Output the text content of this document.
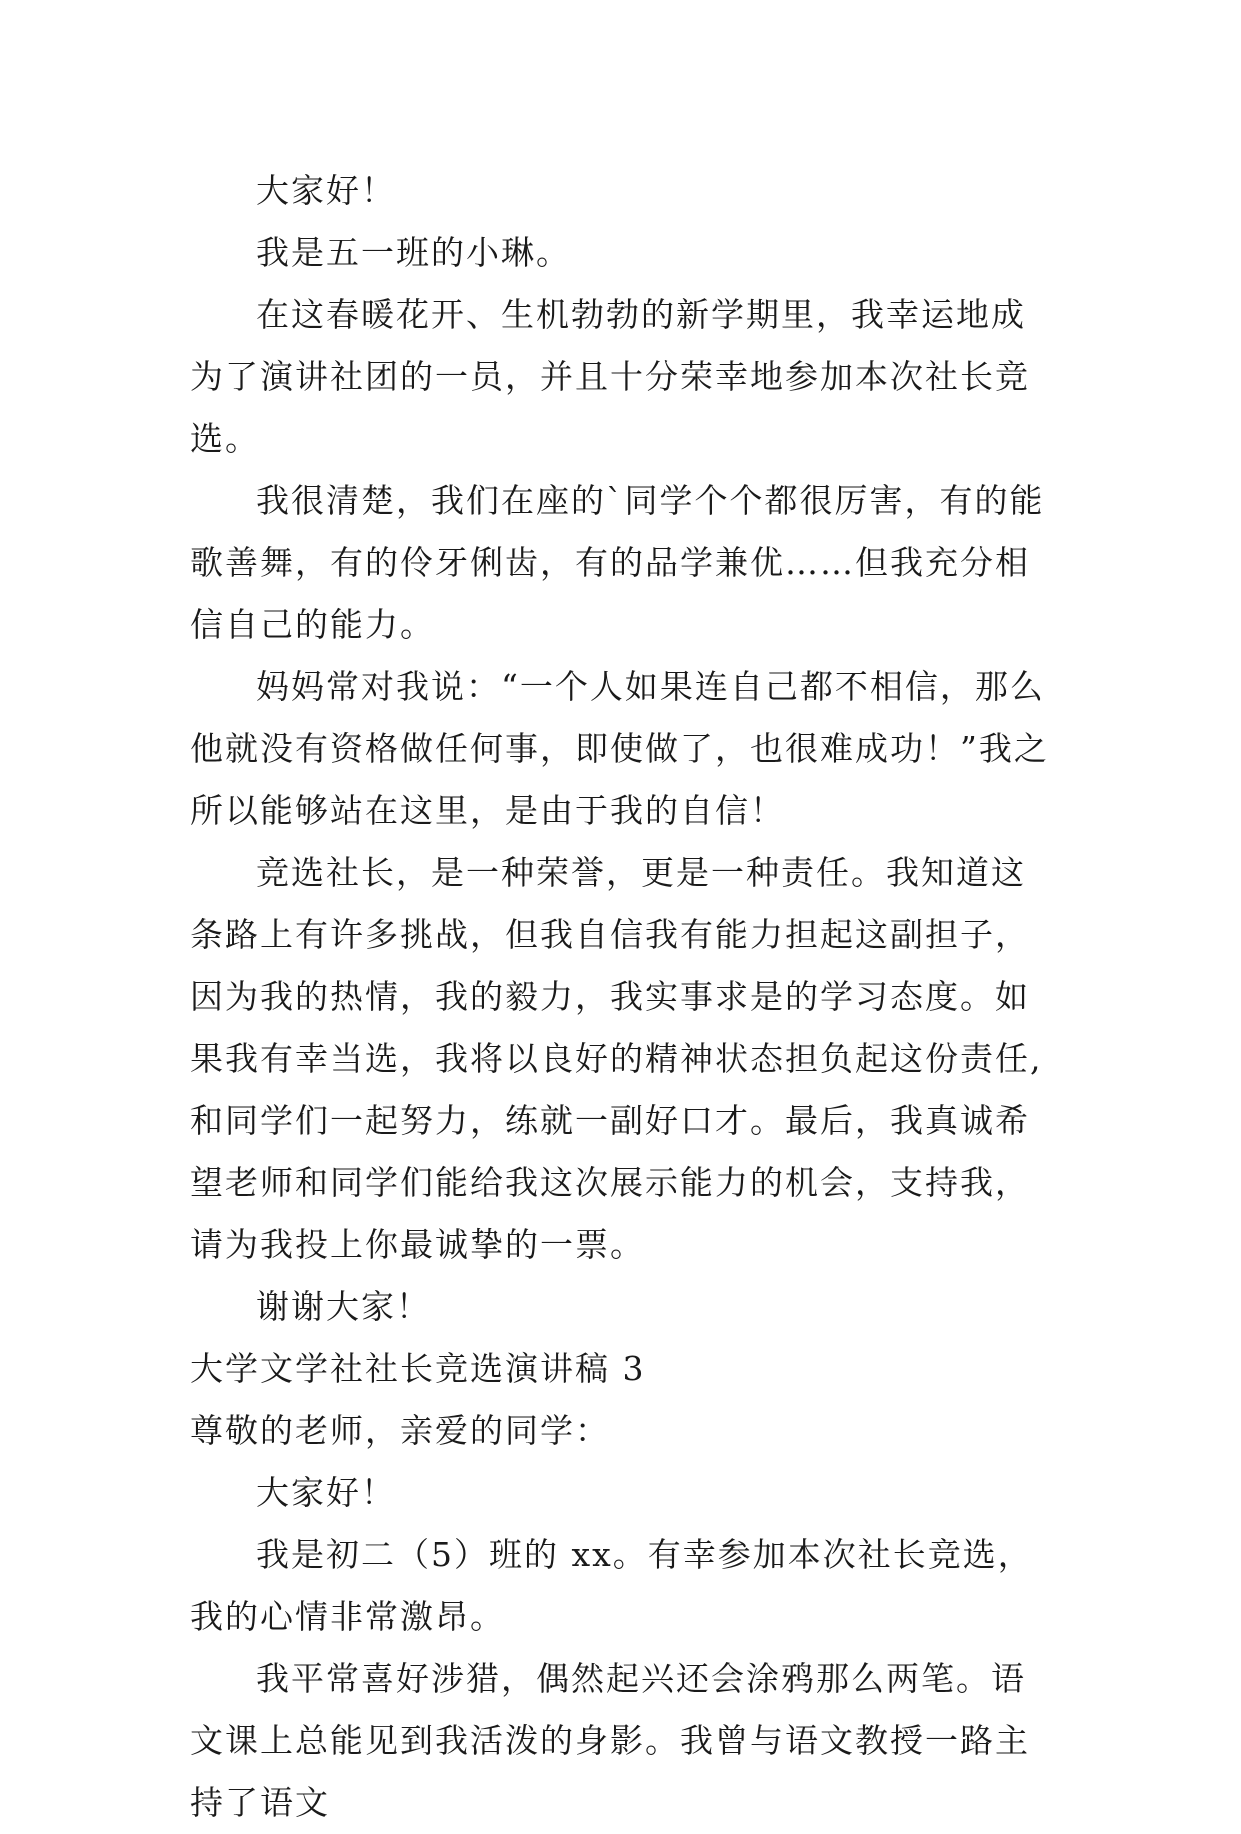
大家好！

我是五一班的小琳。

在这春暖花开、生机勃勃的新学期里，我幸运地成为了演讲社团的一员，并且十分荣幸地参加本次社长竞选。

我很清楚，我们在座的`同学个个都很厉害，有的能歌善舞，有的伶牙俐齿，有的品学兼优……但我充分相信自己的能力。

妈妈常对我说：“一个人如果连自己都不相信，那么他就没有资格做任何事，即使做了，也很难成功！”我之所以能够站在这里，是由于我的自信！

竞选社长，是一种荣誉，更是一种责任。我知道这条路上有许多挑战，但我自信我有能力担起这副担子，因为我的热情，我的毅力，我实事求是的学习态度。如果我有幸当选，我将以良好的精神状态担负起这份责任,和同学们一起努力，练就一副好口才。最后，我真诚希望老师和同学们能给我这次展示能力的机会，支持我，请为我投上你最诚挚的一票。

谢谢大家！

大学文学社社长竞选演讲稿 3

尊敬的老师，亲爱的同学：

大家好！

我是初二（5）班的 xx。有幸参加本次社长竞选，我的心情非常激昂。

我平常喜好涉猎，偶然起兴还会涂鸦那么两笔。语文课上总能见到我活泼的身影。我曾与语文教授一路主持了语文
